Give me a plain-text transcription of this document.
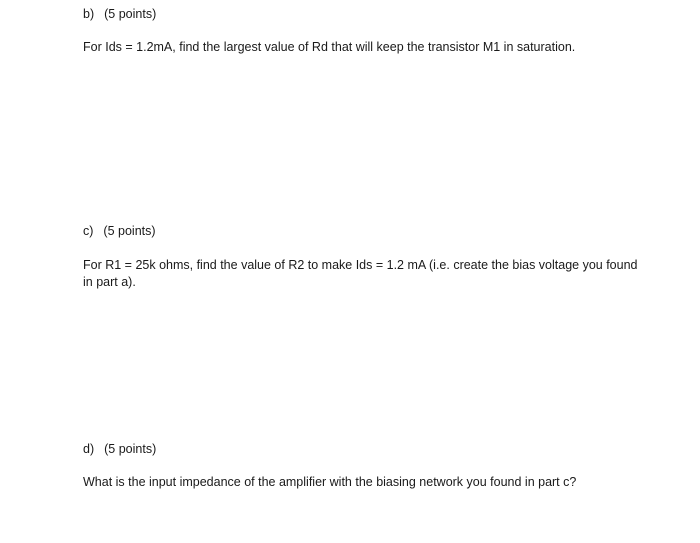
b) (5 points)
For Ids = 1.2mA, find the largest value of Rd that will keep the transistor M1 in saturation.
c) (5 points)
For R1 = 25k ohms, find the value of R2 to make Ids = 1.2 mA (i.e. create the bias voltage you found in part a).
d) (5 points)
What is the input impedance of the amplifier with the biasing network you found in part c?
